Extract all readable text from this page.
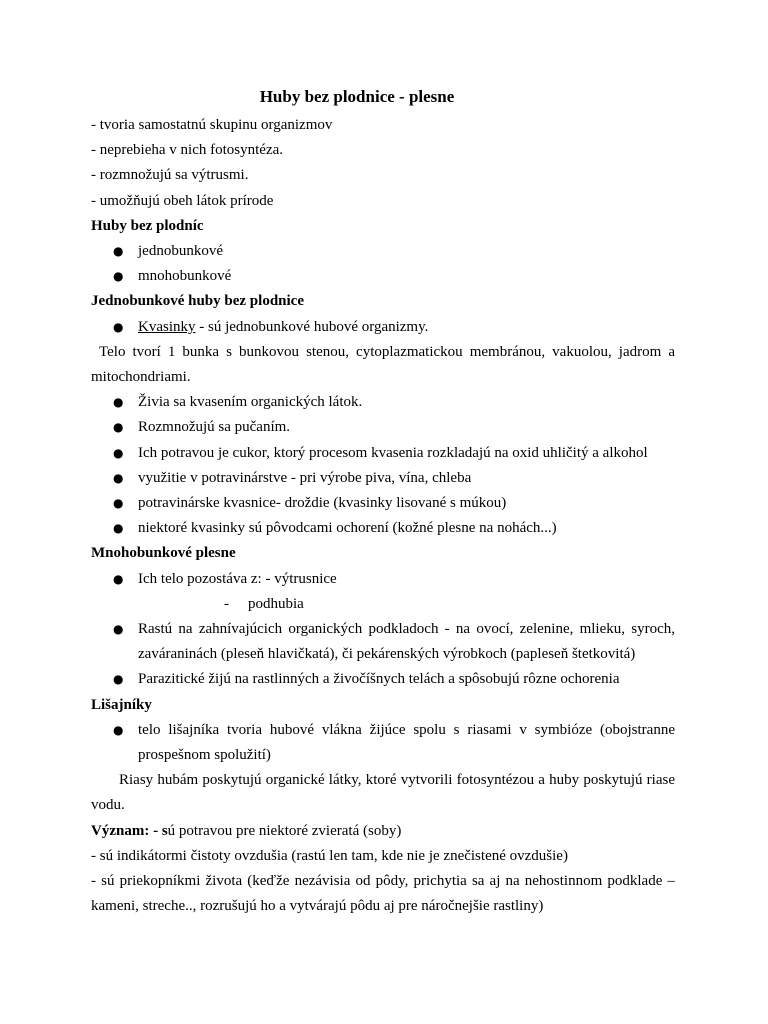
Huby bez plodnice - plesne

- tvoria samostatnú skupinu organizmov

- neprebieha v nich fotosyntéza.

- rozmnožujú sa výtrusmi.

- umožňujú obeh látok prírode

Huby bez plodníc

● jednobunkové
● mnohobunkové

Jednobunkové huby bez plodnice

● Kvasinky - sú jednobunkové hubové organizmy.

Telo tvorí 1 bunka s bunkovou stenou, cytoplazmatickou membránou, vakuolou, jadrom a mitochondriami.

● Živia sa kvasením organických látok.
● Rozmnožujú sa pučaním.
● Ich potravou je cukor, ktorý procesom kvasenia rozkladajú na oxid uhličitý a alkohol
● využitie v potravinárstve - pri výrobe piva, vína, chleba
● potravinárske kvasnice- droždie (kvasinky lisované s múkou)
● niektoré kvasinky sú pôvodcami ochorení (kožné plesne na nohách...)

Mnohobunkové plesne

● Ich telo pozostáva z: - výtrusnice

- podhubia

● Rastú na zahnívajúcich organických podkladoch - na ovocí, zelenine, mlieku, syroch, zaváraninách (pleseň hlavičkatá), či pekárenských výrobkoch (papleseň štetkovitá)
● Parazitické žijú na rastlinných a živočíšnych telách a spôsobujú rôzne ochorenia

Lišajníky

● telo lišajníka tvoria hubové vlákna žijúce spolu s riasami v symbióze (obojstranne prospešnom spolužití)

Riasy hubám poskytujú organické látky, ktoré vytvorili fotosyntézou a huby poskytujú riase vodu.

Význam: - sú potravou pre niektoré zvieratá (soby)

- sú indikátormi čistoty ovzdušia (rastú len tam, kde nie je znečistené ovzdušie)

- sú priekopníkmi života (keďže nezávisia od pôdy, prichytia sa aj na nehostinnom podklade – kameni, streche.., rozrušujú ho a vytvárajú pôdu aj pre náročnejšie rastliny)
